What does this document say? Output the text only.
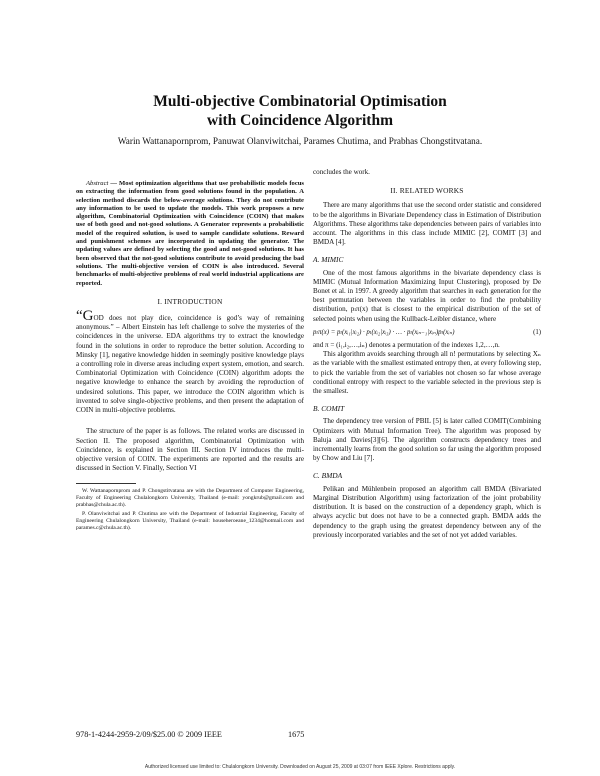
Multi-objective Combinatorial Optimisation
with Coincidence Algorithm
Warin Wattanapornprom, Panuwat Olanviwitchai, Parames Chutima, and Prabhas Chongstitvatana.

Abstract — Most optimization algorithms that use probabilistic models focus on extracting the information from good solutions found in the population. A selection method discards the below-average solutions. They do not contribute any information to be used to update the models. This work proposes a new algorithm, Combinatorial Optimization with Coincidence (COIN) that makes use of both good and not-good solutions. A Generator represents a probabilistic model of the required solution, is used to sample candidate solutions. Reward and punishment schemes are incorporated in updating the generator. The updating values are defined by selecting the good and not-good solutions. It has been observed that the not-good solutions contribute to avoid producing the bad solutions. The multi-objective version of COIN is also introduced. Several benchmarks of multi-objective problems of real world industrial applications are reported.

I. INTRODUCTION

“GOD does not play dice, coincidence is god’s way of remaining anonymous.” – Albert Einstein has left challenge to solve the mysteries of the coincidences in the universe. EDA algorithms try to extract the knowledge found in the solutions in order to reproduce the better solution. According to Minsky [1], negative knowledge hidden in seemingly positive knowledge plays a controlling role in diverse areas including expert system, emotion, and search. Combinatorial Optimization with Coincidence (COIN) algorithm adopts the negative knowledge to enhance the search by avoiding the reproduction of undesired solutions. This paper, we introduce the COIN algorithm which is invented to solve single-objective problems, and then present the adaptation of COIN in multi-objective problems.

The structure of the paper is as follows. The related works are discussed in Section II. The proposed algorithm, Combinatorial Optimization with Coincidence, is explained in Section III. Section IV introduces the multi-objective version of COIN. The experiments are reported and the results are discussed in Section V. Finally, Section VI

W. Wattanapornprom and P. Chongstitvatana are with the Department of Computer Engineering, Faculty of Engineering Chulalongkorn University, Thailand (e-mail: yongkrub@gmail.com and prabhas@chula.ac.th).

P. Olanviwitchai and P. Chutima are with the Department of Industrial Engineering, Faculty of Engineering Chulalongkorn University, Thailand (e-mail: househeroeane_1234@hotmail.com and parames.c@chula.ac.th).

concludes the work.

II. RELATED WORKS

There are many algorithms that use the second order statistic and considered to be the algorithms in Bivariate Dependency class in Estimation of Distribution Algorithms. These algorithms take dependencies between pairs of variables into account. The algorithms in this class include MIMIC [2], COMIT [3] and BMDA [4].

A. MIMIC

One of the most famous algorithms in the bivariate dependency class is MIMIC (Mutual Information Maximizing Input Clustering), proposed by De Bonet et al. in 1997. A greedy algorithm that searches in each generation for the best permutation between the variables in order to find the probability distribution, pₗπ(x) that is closest to the empirical distribution of the set of selected points when using the Kullback-Leibler distance, where

pₗπ(x) = pₗ(xᵢ₁|xᵢ₂) · pₗ(xᵢ₂|xᵢ₃) · … · pₗ(xᵢₙ₋₁|xᵢₙ)pₗ(xᵢₙ)	(1)

and π = (i₁,i₂,…,iₙ) denotes a permutation of the indexes 1,2,…,n.

This algorithm avoids searching through all n! permutations by selecting Xₙ as the variable with the smallest estimated entropy then, at every following step, to pick the variable from the set of variables not chosen so far whose average conditional entropy with respect to the variable selected in the previous step is the smallest.

B. COMIT

The dependency tree version of PBIL [5] is later called COMIT(Combining Optimizers with Mutual Information Tree). The algorithm was proposed by Baluja and Davies[3][6]. The algorithm constructs dependency trees and incrementally learns from the good solution so far using the algorithm proposed by Chow and Liu [7].

C. BMDA

Pelikan and Mühlenbein proposed an algorithm call BMDA (Bivariated Marginal Distribution Algorithm) using factorization of the joint probability distribution. It is based on the construction of a dependency graph, which is always acyclic but does not have to be a connected graph. BMDA adds the dependency to the graph using the greatest dependency between any of the previously incorporated variables and the set of not yet added variables.

978-1-4244-2959-2/09/$25.00 © 2009 IEEE	1675
Authorized licensed use limited to: Chulalongkorn University. Downloaded on August 25, 2009 at 03:07 from IEEE Xplore. Restrictions apply.
